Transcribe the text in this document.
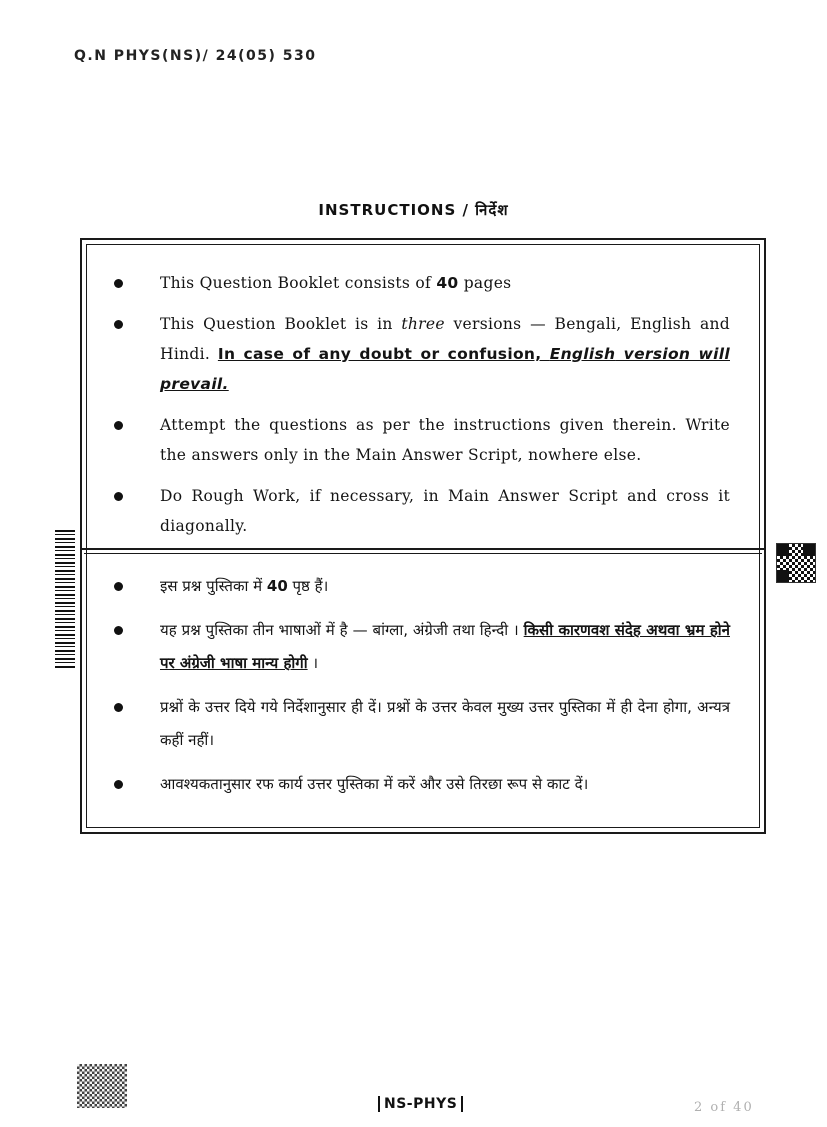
Q.N PHYS(NS)/ 24(05) 530
INSTRUCTIONS / निर्देश
This Question Booklet consists of 40 pages
This Question Booklet is in three versions — Bengali, English and Hindi. In case of any doubt or confusion, English version will prevail.
Attempt the questions as per the instructions given therein. Write the answers only in the Main Answer Script, nowhere else.
Do Rough Work, if necessary, in Main Answer Script and cross it diagonally.
इस प्रश्न पुस्तिका में 40 पृष्ठ हैं।
यह प्रश्न पुस्तिका तीन भाषाओं में है — बांग्ला, अंग्रेजी तथा हिन्दी । किसी कारणवश संदेह अथवा भ्रम होने पर अंग्रेजी भाषा मान्य होगी ।
प्रश्नों के उत्तर दिये गये निर्देशानुसार ही दें। प्रश्नों के उत्तर केवल मुख्य उत्तर पुस्तिका में ही देना होगा, अन्यत्र कहीं नहीं।
आवश्यकतानुसार रफ कार्य उत्तर पुस्तिका में करें और उसे तिरछा रूप से काट दें।
NS-PHYS	2 of 40
